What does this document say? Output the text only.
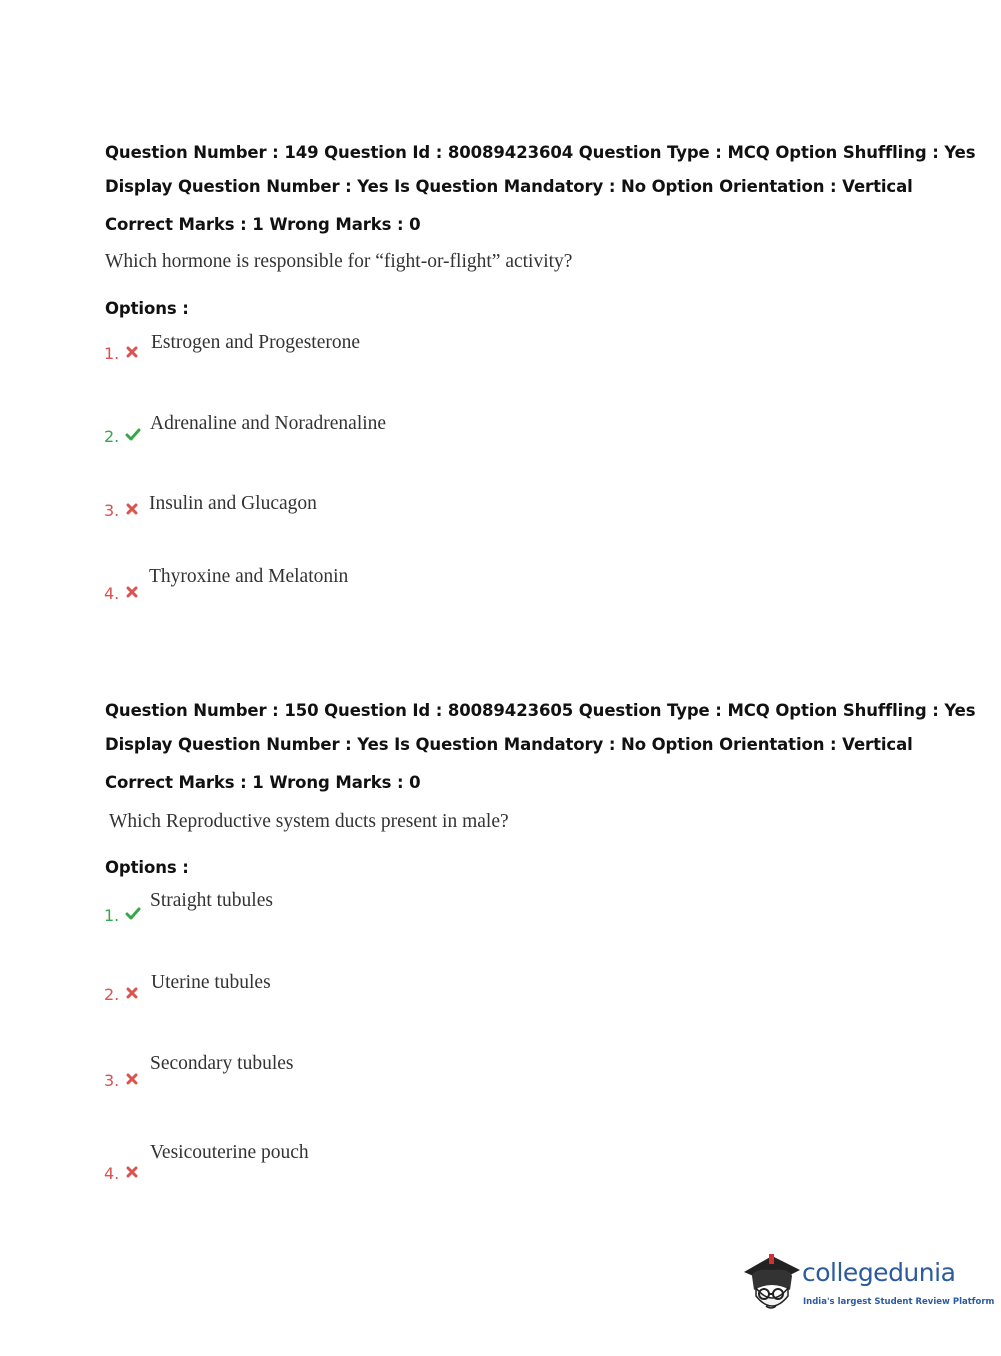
Question Number : 149 Question Id : 80089423604 Question Type : MCQ Option Shuffling : Yes
Display Question Number : Yes Is Question Mandatory : No Option Orientation : Vertical
Correct Marks : 1 Wrong Marks : 0
Which hormone is responsible for “fight-or-flight” activity?
Options :
1.
Estrogen and Progesterone
2.
Adrenaline and Noradrenaline
3. Insulin and Glucagon
4.
Thyroxine and Melatonin
Question Number : 150 Question Id : 80089423605 Question Type : MCQ Option Shuffling : Yes
Display Question Number : Yes Is Question Mandatory : No Option Orientation : Vertical
Correct Marks : 1 Wrong Marks : 0
Which Reproductive system ducts present in male?
Options :
1.
Straight tubules
2.
Uterine tubules
3.
Secondary tubules
4.
Vesicouterine pouch
collegedunia
India's largest Student Review Platform
